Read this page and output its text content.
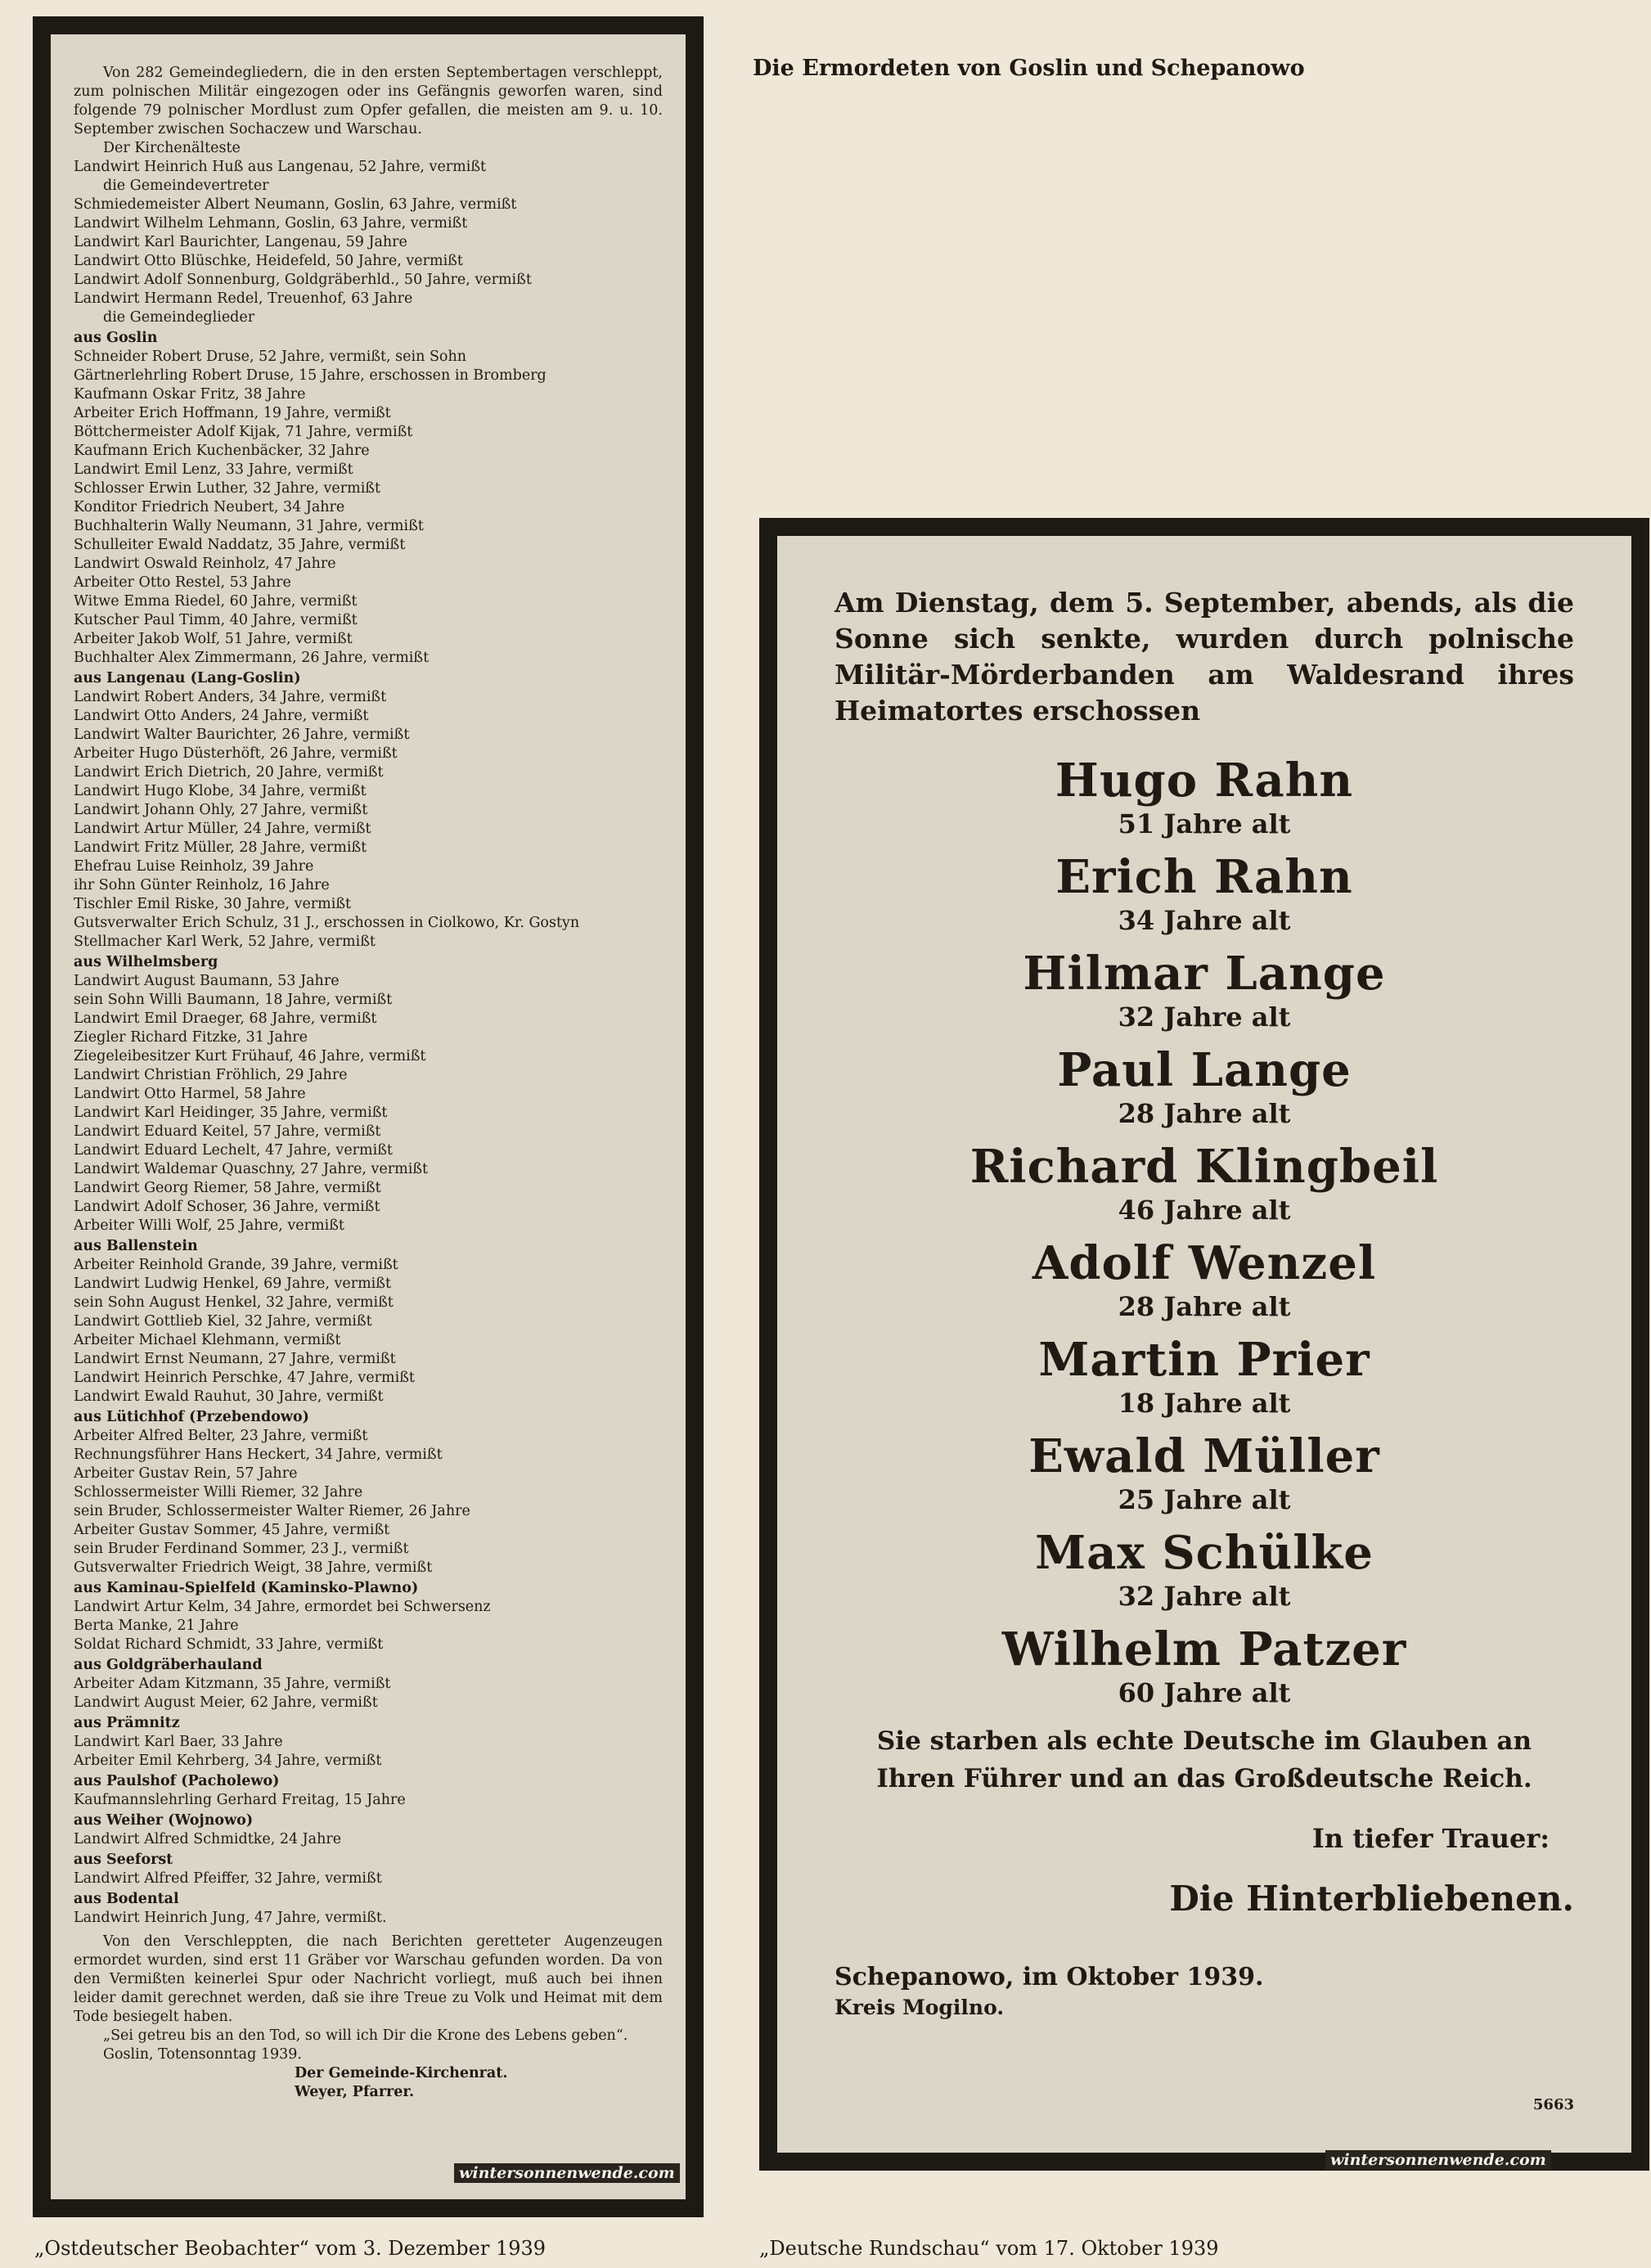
Von 282 Gemeindegliedern, die in den ersten Septembertagen verschleppt, zum polnischen Militär eingezogen oder ins Gefängnis geworfen waren, sind folgende 79 polnischer Mordlust zum Opfer gefallen, die meisten am 9. u. 10. September zwischen Sochaczew und Warschau.

Der Kirchenälteste
Landwirt Heinrich Huß aus Langenau, 52 Jahre, vermißt
die Gemeindevertreter
Schmiedemeister Albert Neumann, Goslin, 63 Jahre, vermißt
Landwirt Wilhelm Lehmann, Goslin, 63 Jahre, vermißt
Landwirt Karl Baurichter, Langenau, 59 Jahre
Landwirt Otto Blüschke, Heidefeld, 50 Jahre, vermißt
Landwirt Adolf Sonnenburg, Goldgräberhld., 50 Jahre, vermißt
Landwirt Hermann Redel, Treuenhof, 63 Jahre
die Gemeindeglieder
aus Goslin
Schneider Robert Druse, 52 Jahre, vermißt, sein Sohn
Gärtnerlehrling Robert Druse, 15 Jahre, erschossen in Bromberg
Kaufmann Oskar Fritz, 38 Jahre
Arbeiter Erich Hoffmann, 19 Jahre, vermißt
Böttchermeister Adolf Kijak, 71 Jahre, vermißt
Kaufmann Erich Kuchenbäcker, 32 Jahre
Landwirt Emil Lenz, 33 Jahre, vermißt
Schlosser Erwin Luther, 32 Jahre, vermißt
Konditor Friedrich Neubert, 34 Jahre
Buchhalterin Wally Neumann, 31 Jahre, vermißt
Schulleiter Ewald Naddatz, 35 Jahre, vermißt
Landwirt Oswald Reinholz, 47 Jahre
Arbeiter Otto Restel, 53 Jahre
Witwe Emma Riedel, 60 Jahre, vermißt
Kutscher Paul Timm, 40 Jahre, vermißt
Arbeiter Jakob Wolf, 51 Jahre, vermißt
Buchhalter Alex Zimmermann, 26 Jahre, vermißt
aus Langenau (Lang-Goslin)
Landwirt Robert Anders, 34 Jahre, vermißt
Landwirt Otto Anders, 24 Jahre, vermißt
Landwirt Walter Baurichter, 26 Jahre, vermißt
Arbeiter Hugo Düsterhöft, 26 Jahre, vermißt
Landwirt Erich Dietrich, 20 Jahre, vermißt
Landwirt Hugo Klobe, 34 Jahre, vermißt
Landwirt Johann Ohly, 27 Jahre, vermißt
Landwirt Artur Müller, 24 Jahre, vermißt
Landwirt Fritz Müller, 28 Jahre, vermißt
Ehefrau Luise Reinholz, 39 Jahre
ihr Sohn Günter Reinholz, 16 Jahre
Tischler Emil Riske, 30 Jahre, vermißt
Gutsverwalter Erich Schulz, 31 J., erschossen in Ciolkowo, Kr. Gostyn
Stellmacher Karl Werk, 52 Jahre, vermißt
aus Wilhelmsberg
Landwirt August Baumann, 53 Jahre
sein Sohn Willi Baumann, 18 Jahre, vermißt
Landwirt Emil Draeger, 68 Jahre, vermißt
Ziegler Richard Fitzke, 31 Jahre
Ziegeleibesitzer Kurt Frühauf, 46 Jahre, vermißt
Landwirt Christian Fröhlich, 29 Jahre
Landwirt Otto Harmel, 58 Jahre
Landwirt Karl Heidinger, 35 Jahre, vermißt
Landwirt Eduard Keitel, 57 Jahre, vermißt
Landwirt Eduard Lechelt, 47 Jahre, vermißt
Landwirt Waldemar Quaschny, 27 Jahre, vermißt
Landwirt Georg Riemer, 58 Jahre, vermißt
Landwirt Adolf Schoser, 36 Jahre, vermißt
Arbeiter Willi Wolf, 25 Jahre, vermißt
aus Ballenstein
Arbeiter Reinhold Grande, 39 Jahre, vermißt
Landwirt Ludwig Henkel, 69 Jahre, vermißt
sein Sohn August Henkel, 32 Jahre, vermißt
Landwirt Gottlieb Kiel, 32 Jahre, vermißt
Arbeiter Michael Klehmann, vermißt
Landwirt Ernst Neumann, 27 Jahre, vermißt
Landwirt Heinrich Perschke, 47 Jahre, vermißt
Landwirt Ewald Rauhut, 30 Jahre, vermißt
aus Lütichhof (Przebendowo)
Arbeiter Alfred Belter, 23 Jahre, vermißt
Rechnungsführer Hans Heckert, 34 Jahre, vermißt
Arbeiter Gustav Rein, 57 Jahre
Schlossermeister Willi Riemer, 32 Jahre
sein Bruder, Schlossermeister Walter Riemer, 26 Jahre
Arbeiter Gustav Sommer, 45 Jahre, vermißt
sein Bruder Ferdinand Sommer, 23 J., vermißt
Gutsverwalter Friedrich Weigt, 38 Jahre, vermißt
aus Kaminau-Spielfeld (Kaminsko-Plawno)
Landwirt Artur Kelm, 34 Jahre, ermordet bei Schwersenz
Berta Manke, 21 Jahre
Soldat Richard Schmidt, 33 Jahre, vermißt
aus Goldgräberhauland
Arbeiter Adam Kitzmann, 35 Jahre, vermißt
Landwirt August Meier, 62 Jahre, vermißt
aus Prämnitz
Landwirt Karl Baer, 33 Jahre
Arbeiter Emil Kehrberg, 34 Jahre, vermißt
aus Paulshof (Pacholewo)
Kaufmannslehrling Gerhard Freitag, 15 Jahre
aus Weiher (Wojnowo)
Landwirt Alfred Schmidtke, 24 Jahre
aus Seeforst
Landwirt Alfred Pfeiffer, 32 Jahre, vermißt
aus Bodental
Landwirt Heinrich Jung, 47 Jahre, vermißt.
Von den Verschleppten, die nach Berichten geretteter Augenzeugen ermordet wurden, sind erst 11 Gräber vor Warschau gefunden worden. Da von den Vermißten keinerlei Spur oder Nachricht vorliegt, muß auch bei ihnen leider damit gerechnet werden, daß sie ihre Treue zu Volk und Heimat mit dem Tode besiegelt haben.
„Sei getreu bis an den Tod, so will ich Dir die Krone des Lebens geben“.
Goslin, Totensonntag 1939.
Der Gemeinde-Kirchenrat.
Weyer, Pfarrer.
Die Ermordeten von Goslin und Schepanowo

Am Dienstag, dem 5. September, abends, als die Sonne sich senkte, wurden durch polnische Militär-Mörderbanden am Waldesrand ihres Heimatortes erschossen

Hugo Rahn
51 Jahre alt
Erich Rahn
34 Jahre alt
Hilmar Lange
32 Jahre alt
Paul Lange
28 Jahre alt
Richard Klingbeil
46 Jahre alt
Adolf Wenzel
28 Jahre alt
Martin Prier
18 Jahre alt
Ewald Müller
25 Jahre alt
Max Schülke
32 Jahre alt
Wilhelm Patzer
60 Jahre alt
Sie starben als echte Deutsche im Glauben an Ihren Führer und an das Großdeutsche Reich.
In tiefer Trauer:
Die Hinterbliebenen.
Schepanowo, im Oktober 1939.
Kreis Mogilno.
5663
wintersonnenwende.com
wintersonnenwende.com
„Ostdeutscher Beobachter“ vom 3. Dezember 1939	„Deutsche Rundschau“ vom 17. Oktober 1939
